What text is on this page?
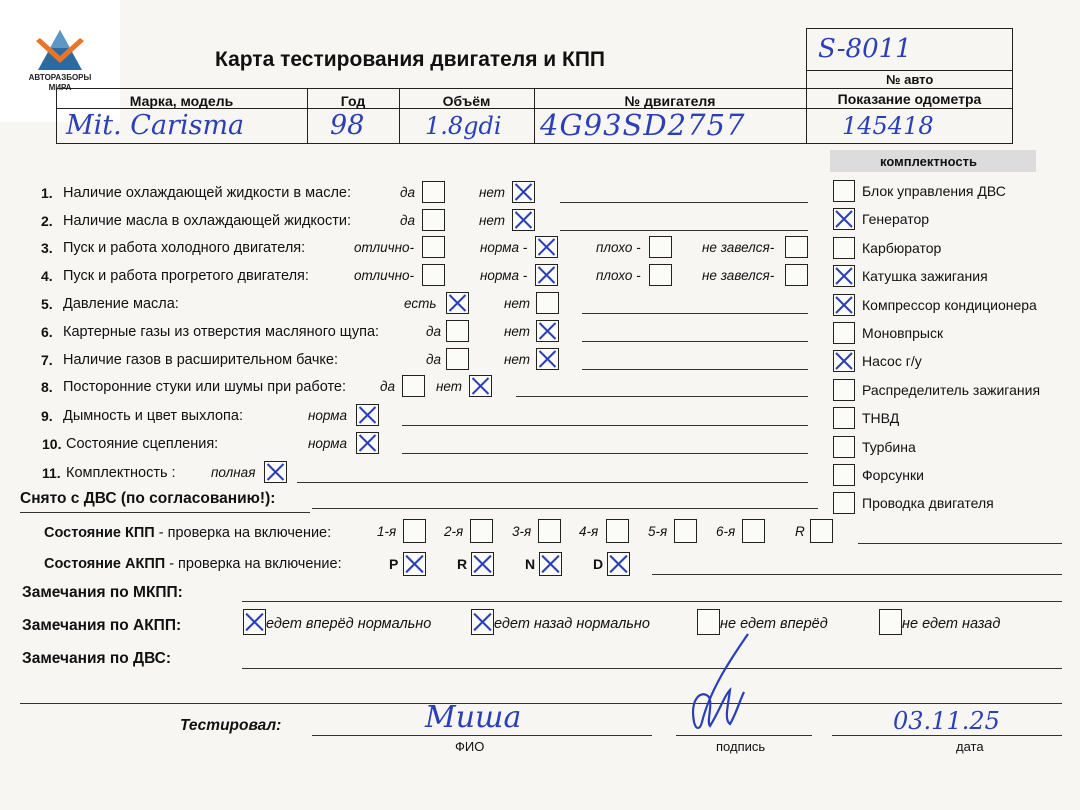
АВТОРАЗБОРЫ
МИРА
Карта тестирования двигателя и КПП	S-8011
№ авто
Марка, модель	Год	Объём	№ двигателя	Показание одометра
Mit. Carisma	98	1.8gdi 4G93SD2757	145418
комплектность
Блок управления ДВС
Генератор
Карбюратор
Катушка зажигания
Компрессор кондиционера
Моновпрыск
Насос г/у
Распределитель зажигания
ТНВД
Турбина
Форсунки
Проводка двигателя
1. Наличие охлаждающей жидкости в масле:	да	нет
2. Наличие масла в охлаждающей жидкости:	да	нет
3. Пуск и работа холодного двигателя:	отлично-	норма -	плохо -	не завелся-
4. Пуск и работа прогретого двигателя:	отлично-	норма -	плохо -	не завелся-
5. Давление масла:	есть	нет
6. Картерные газы из отверстия масляного щупа:	да	нет
7. Наличие газов в расширительном бачке:	да	нет
8. Посторонние стуки или шумы при работе:	да	нет
9. Дымность и цвет выхлопа:	норма
10. Состояние сцепления:	норма
11. Комплектность :	полная
Снято с ДВС (по согласованию!):
Состояние КПП - проверка на включение:	1-я	2-я	3-я	4-я	5-я	6-я	R
Состояние АКПП - проверка на включение:	P	R	N	D
Замечания по МКПП:
Замечания по АКПП:	едет вперёд нормально	едет назад нормально	не едет вперёд	не едет назад
Замечания по ДВС:
Тестировал:	Миша
ФИО	подпись
03.11.25
дата
